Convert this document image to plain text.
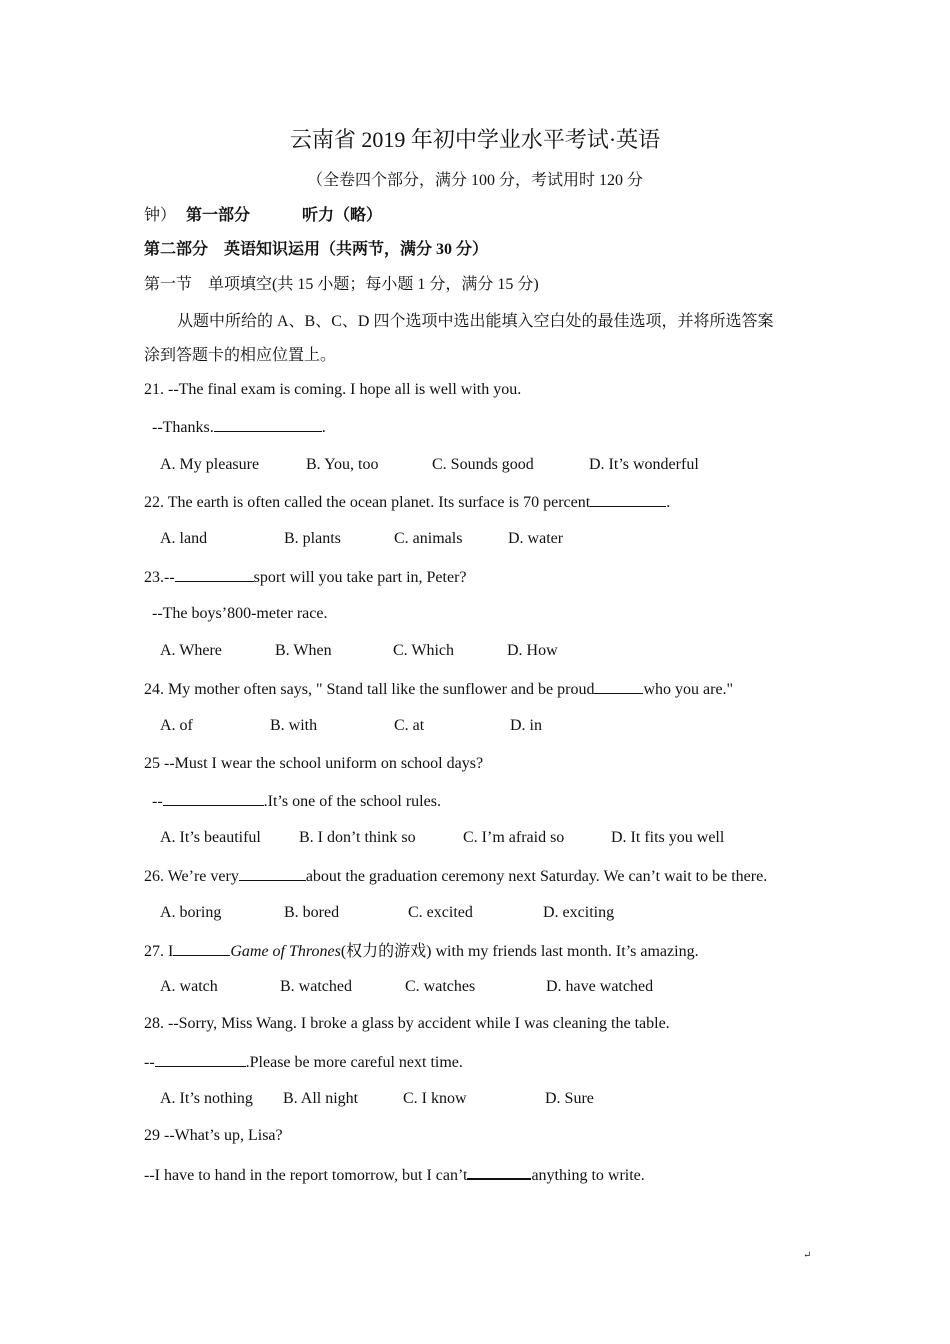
云南省 2019 年初中学业水平考试·英语
（全卷四个部分，满分 100 分，考试用时 120 分
钟） 第一部分	听力（略）
第二部分　英语知识运用（共两节，满分 30 分）
第一节　单项填空(共 15 小题；每小题 1 分，满分 15 分)
从题中所给的 A、B、C、D 四个选项中选出能填入空白处的最佳选项，并将所选答案
涂到答题卡的相应位置上。
21. --The final exam is coming. I hope all is well with you.
--Thanks.	.
A. My pleasure	B. You, too	C. Sounds good	D. It’s wonderful
22. The earth is often called the ocean planet. Its surface is 70 percent	.
A. land	B. plants	C. animals	D. water
23.--	sport will you take part in, Peter?
--The boys’800-meter race.
A. Where	B. When	C. Which	D. How
24. My mother often says, " Stand tall like the sunflower and be proud	who you are."
A. of	B. with	C. at	D. in
25 --Must I wear the school uniform on school days?
--	.It’s one of the school rules.
A. It’s beautiful B. I don’t think so	C. I’m afraid so	D. It fits you well
26. We’re very	about the graduation ceremony next Saturday. We can’t wait to be there.
A. boring	B. bored	C. excited	D. exciting
27. I	Game of Thrones(权力的游戏) with my friends last month. It’s amazing.
A. watch	B. watched	C. watches	D. have watched
28. --Sorry, Miss Wang. I broke a glass by accident while I was cleaning the table.
--	.Please be more careful next time.
A. It’s nothing B. All night	C. I know	D. Sure
29 --What’s up, Lisa?
--I have to hand in the report tomorrow, but I can’t	anything to write.
↵
